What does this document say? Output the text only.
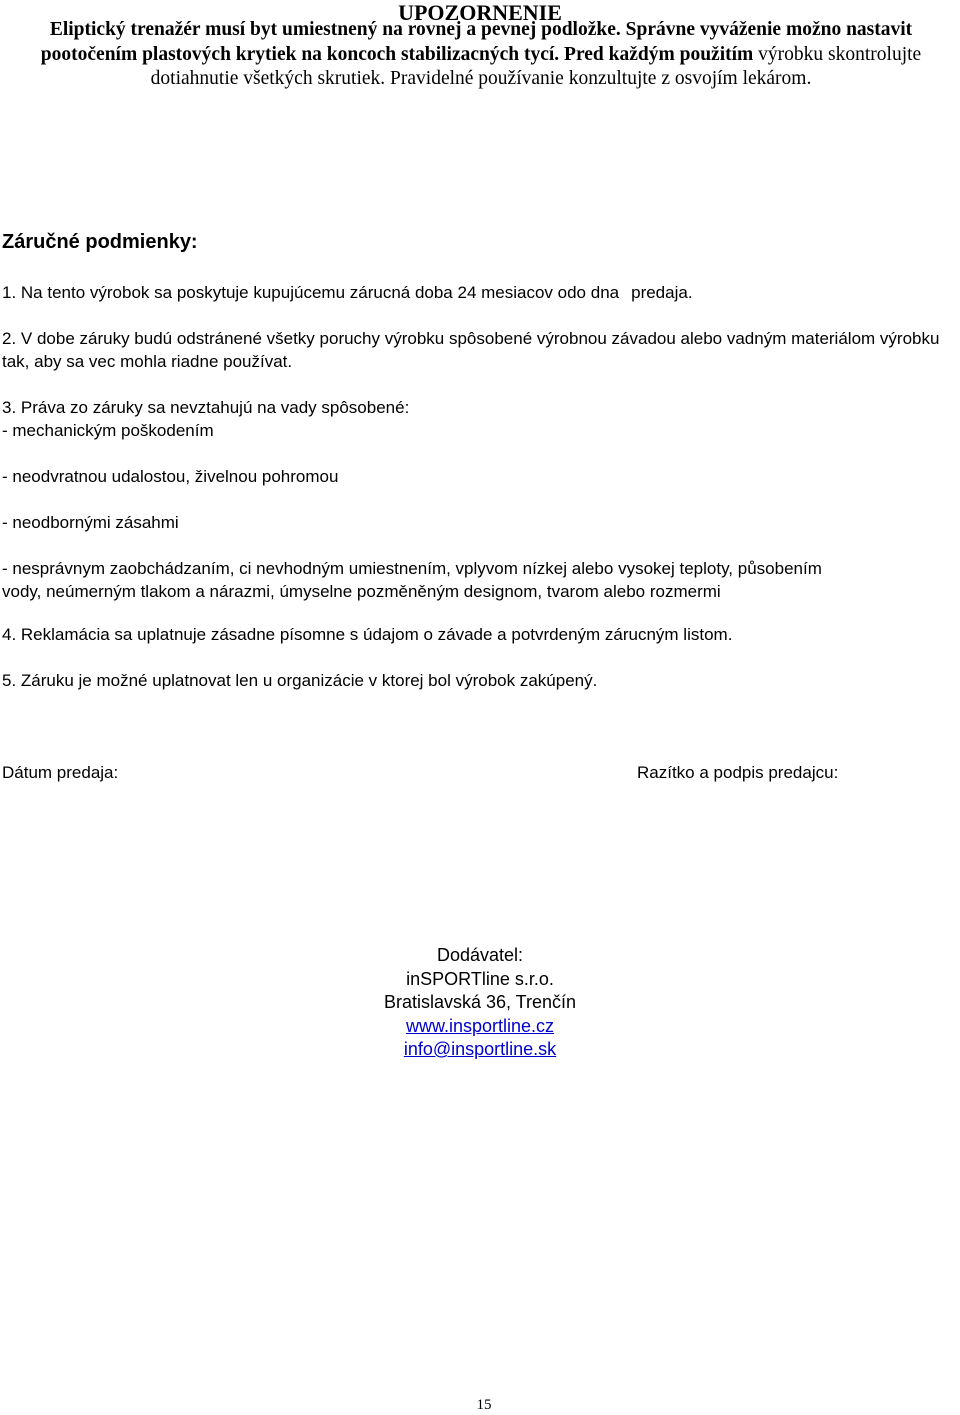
UPOZORNENIE
Eliptický trenažér musí byt umiestnený na rovnej a pevnej podložke. Správne vyváženie možno nastavit pootočením plastových krytiek na koncoch stabilizacných tycí. Pred každým použitím výrobku skontrolujte dotiahnutie všetkých skrutiek. Pravidelné používanie konzultujte z osvojím lekárom.
Záručné podmienky:
1. Na tento výrobok sa poskytuje kupujúcemu zárucná doba 24 mesiacov odo dna predaja.
2. V dobe záruky budú odstránené všetky poruchy výrobku spôsobené výrobnou závadou alebo vadným materiálom výrobku tak, aby sa vec mohla riadne používat.
3. Práva zo záruky sa nevztahujú na vady spôsobené:
- mechanickým poškodením
- neodvratnou udalostou, živelnou pohromou
- neodbornými zásahmi
- nesprávnym zaobchádzaním, ci nevhodným umiestnením, vplyvom nízkej alebo vysokej teploty, působením
vody, neúmerným tlakom a nárazmi, úmyselne pozměněným designom, tvarom alebo rozmermi
4. Reklamácia sa uplatnuje zásadne písomne s údajom o závade a potvrdeným zárucným listom.
5. Záruku je možné uplatnovat len u organizácie v ktorej bol výrobok zakúpený.
Dátum predaja:	Razítko a podpis predajcu:
Dodávatel:
inSPORTline s.r.o.
Bratislavská 36, Trenčín
www.insportline.cz
info@insportline.sk
15
